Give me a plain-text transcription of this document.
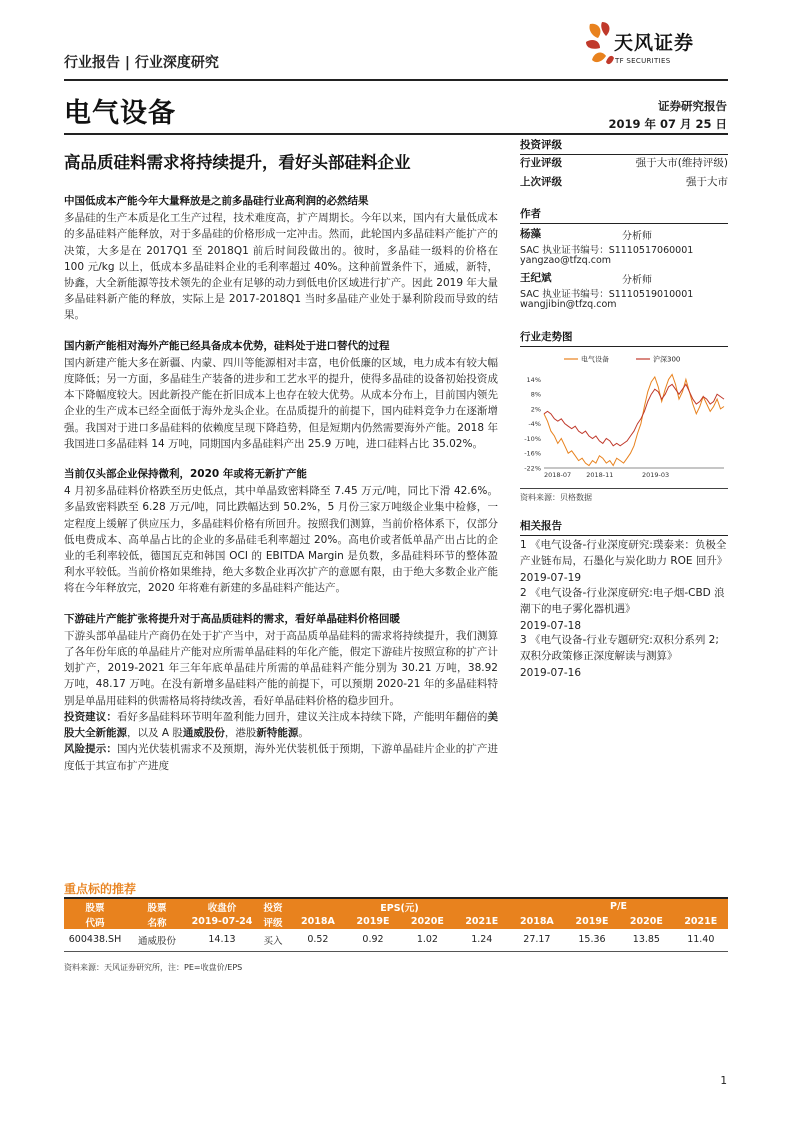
行业报告 | 行业深度研究
天风证券
TF SECURITIES
电气设备	证券研究报告
2019 年 07 月 25 日
高品质硅料需求将持续提升，看好头部硅料企业
中国低成本产能今年大量释放是之前多晶硅行业高利润的必然结果
多晶硅的生产本质是化工生产过程，技术难度高，扩产周期长。今年以来，国内有大量低成本的多晶硅料产能释放，对于多晶硅的价格形成一定冲击。然而，此轮国内多晶硅料产能扩产的决策，大多是在 2017Q1 至 2018Q1 前后时间段做出的。彼时，多晶硅一级料的价格在 100 元/kg 以上，低成本多晶硅料企业的毛利率超过 40%。这种前置条件下，通威，新特，协鑫，大全新能源等技术领先的企业有足够的动力到低电价区域进行扩产。因此 2019 年大量多晶硅料新产能的释放，实际上是 2017-2018Q1 当时多晶硅产业处于暴利阶段而导致的结果。
国内新产能相对海外产能已经具备成本优势，硅料处于进口替代的过程
国内新建产能大多在新疆、内蒙、四川等能源相对丰富，电价低廉的区域，电力成本有较大幅度降低；另一方面，多晶硅生产装备的进步和工艺水平的提升，使得多晶硅的设备初始投资成本下降幅度较大。因此新投产能在折旧成本上也存在较大优势。从成本分布上，目前国内领先企业的生产成本已经全面低于海外龙头企业。在品质提升的前提下，国内硅料竞争力在逐渐增强。我国对于进口多晶硅料的依赖度呈现下降趋势，但是短期内仍然需要海外产能。2018 年我国进口多晶硅料 14 万吨，同期国内多晶硅料产出 25.9 万吨，进口硅料占比 35.02%。
当前仅头部企业保持微利，2020 年或将无新扩产能
4 月初多晶硅料价格跌至历史低点，其中单晶致密料降至 7.45 万元/吨，同比下滑 42.6%。多晶致密料跌至 6.28 万元/吨，同比跌幅达到 50.2%，5 月份三家万吨级企业集中检修，一定程度上缓解了供应压力，多晶硅料价格有所回升。按照我们测算，当前价格体系下，仅部分低电费成本、高单晶占比的企业的多晶硅毛利率超过 20%。高电价或者低单晶产出占比的企业的毛利率较低，德国瓦克和韩国 OCI 的 EBITDA Margin 是负数，多晶硅料环节的整体盈利水平较低。当前价格如果维持，绝大多数企业再次扩产的意愿有限，由于绝大多数企业产能将在今年释放完，2020 年将难有新建的多晶硅料产能达产。
下游硅片产能扩张将提升对于高品质硅料的需求，看好单晶硅料价格回暖
下游头部单晶硅片产商仍在处于扩产当中，对于高品质单晶硅料的需求将持续提升，我们测算了各年份年底的单晶硅片产能对应所需单晶硅料的年化产能，假定下游硅片按照宣称的扩产计划扩产，2019-2021 年三年年底单晶硅片所需的单晶硅料产能分别为 30.21 万吨，38.92 万吨，48.17 万吨。在没有新增多晶硅料产能的前提下，可以预期 2020-21 年的多晶硅料特别是单晶用硅料的供需格局将持续改善，看好单晶硅料价格的稳步回升。
投资建议：看好多晶硅料环节明年盈利能力回升，建议关注成本持续下降，产能明年翻倍的美股大全新能源，以及 A 股通威股份，港股新特能源。
风险提示：国内光伏装机需求不及预期，海外光伏装机低于预期，下游单晶硅片企业的扩产进度低于其宣布扩产进度
投资评级
行业评级	强于大市(维持评级)
上次评级	强于大市
作者
杨藻	分析师
SAC 执业证书编号：S1110517060001
yangzao@tfzq.com
王纪斌	分析师
SAC 执业证书编号：S1110519010001
wangjibin@tfzq.com
行业走势图
电气设备	沪深300
14%
8%
2%
-4%
-10%
-16%
-22%
2018-07 2018-11	2019-03
资料来源：贝格数据
相关报告
1 《电气设备-行业深度研究:璞泰来：负极全产业链布局，石墨化与炭化助力 ROE 回升》
2019-07-19
2 《电气设备-行业深度研究:电子烟-CBD 浪潮下的电子雾化器机遇》
2019-07-18
3 《电气设备-行业专题研究:双积分系列 2;双积分政策修正深度解读与测算》
2019-07-16
重点标的推荐
股票	股票	收盘价	投资	EPS(元)				P/E			
代码	名称	2019-07-24	评级	2018A	2019E	2020E	2021E	2018A	2019E	2020E	2021E
600438.SH	通威股份	14.13	买入	0.52	0.92	1.02	1.24	27.17	15.36	13.85	11.40
资料来源：天风证券研究所，注：PE=收盘价/EPS
1
